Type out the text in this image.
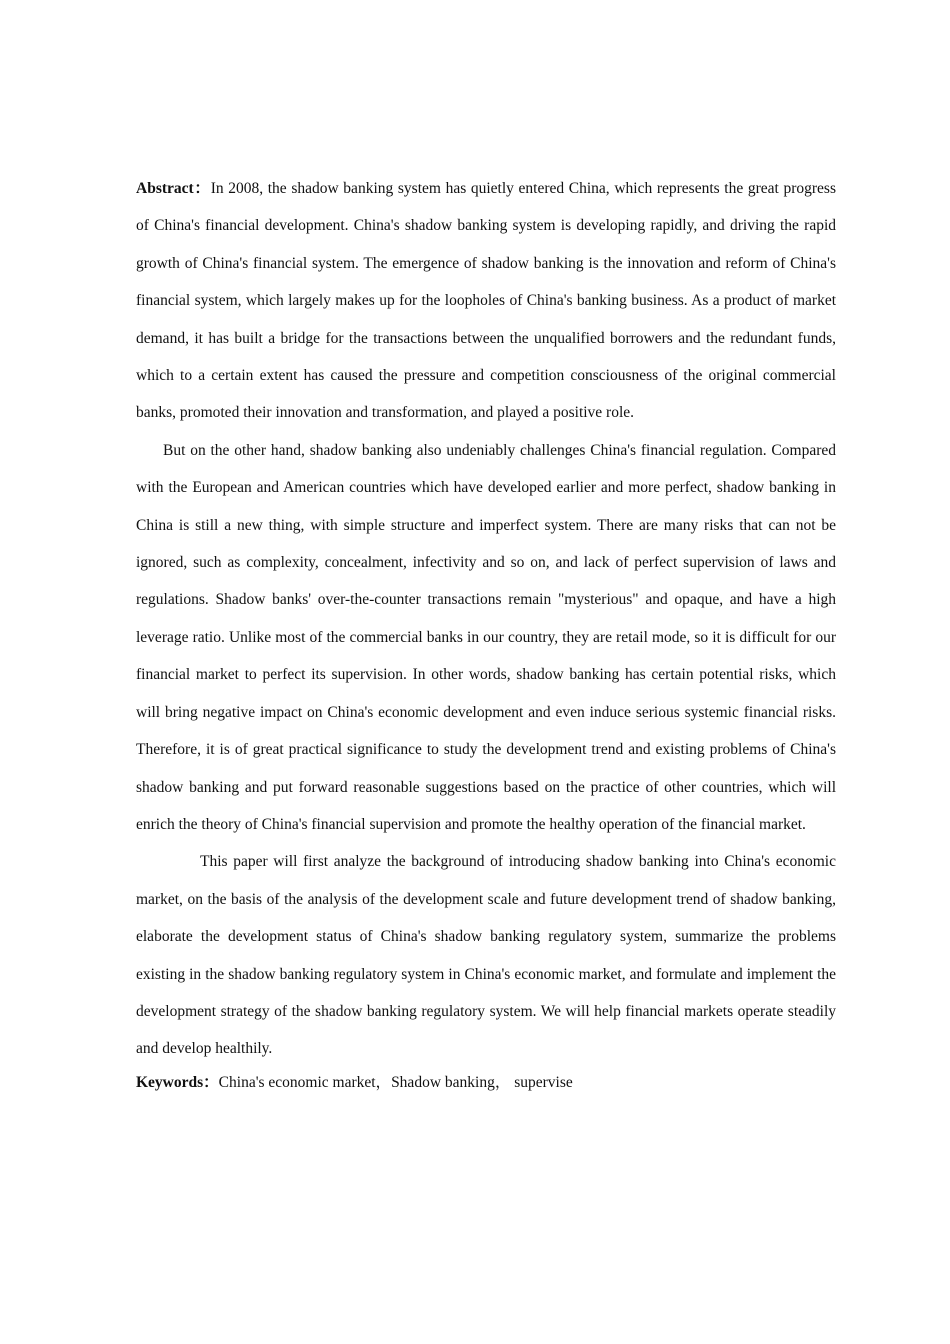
Abstract：In 2008, the shadow banking system has quietly entered China, which represents the great progress of China's financial development. China's shadow banking system is developing rapidly, and driving the rapid growth of China's financial system. The emergence of shadow banking is the innovation and reform of China's financial system, which largely makes up for the loopholes of China's banking business. As a product of market demand, it has built a bridge for the transactions between the unqualified borrowers and the redundant funds, which to a certain extent has caused the pressure and competition consciousness of the original commercial banks, promoted their innovation and transformation, and played a positive role.

But on the other hand, shadow banking also undeniably challenges China's financial regulation. Compared with the European and American countries which have developed earlier and more perfect, shadow banking in China is still a new thing, with simple structure and imperfect system. There are many risks that can not be ignored, such as complexity, concealment, infectivity and so on, and lack of perfect supervision of laws and regulations. Shadow banks' over-the-counter transactions remain "mysterious" and opaque, and have a high leverage ratio. Unlike most of the commercial banks in our country, they are retail mode, so it is difficult for our financial market to perfect its supervision. In other words, shadow banking has certain potential risks, which will bring negative impact on China's economic development and even induce serious systemic financial risks. Therefore, it is of great practical significance to study the development trend and existing problems of China's shadow banking and put forward reasonable suggestions based on the practice of other countries, which will enrich the theory of China's financial supervision and promote the healthy operation of the financial market.

This paper will first analyze the background of introducing shadow banking into China's economic market, on the basis of the analysis of the development scale and future development trend of shadow banking, elaborate the development status of China's shadow banking regulatory system, summarize the problems existing in the shadow banking regulatory system in China's economic market, and formulate and implement the development strategy of the shadow banking regulatory system. We will help financial markets operate steadily and develop healthily.

Keywords：China's economic market，Shadow banking， supervise
